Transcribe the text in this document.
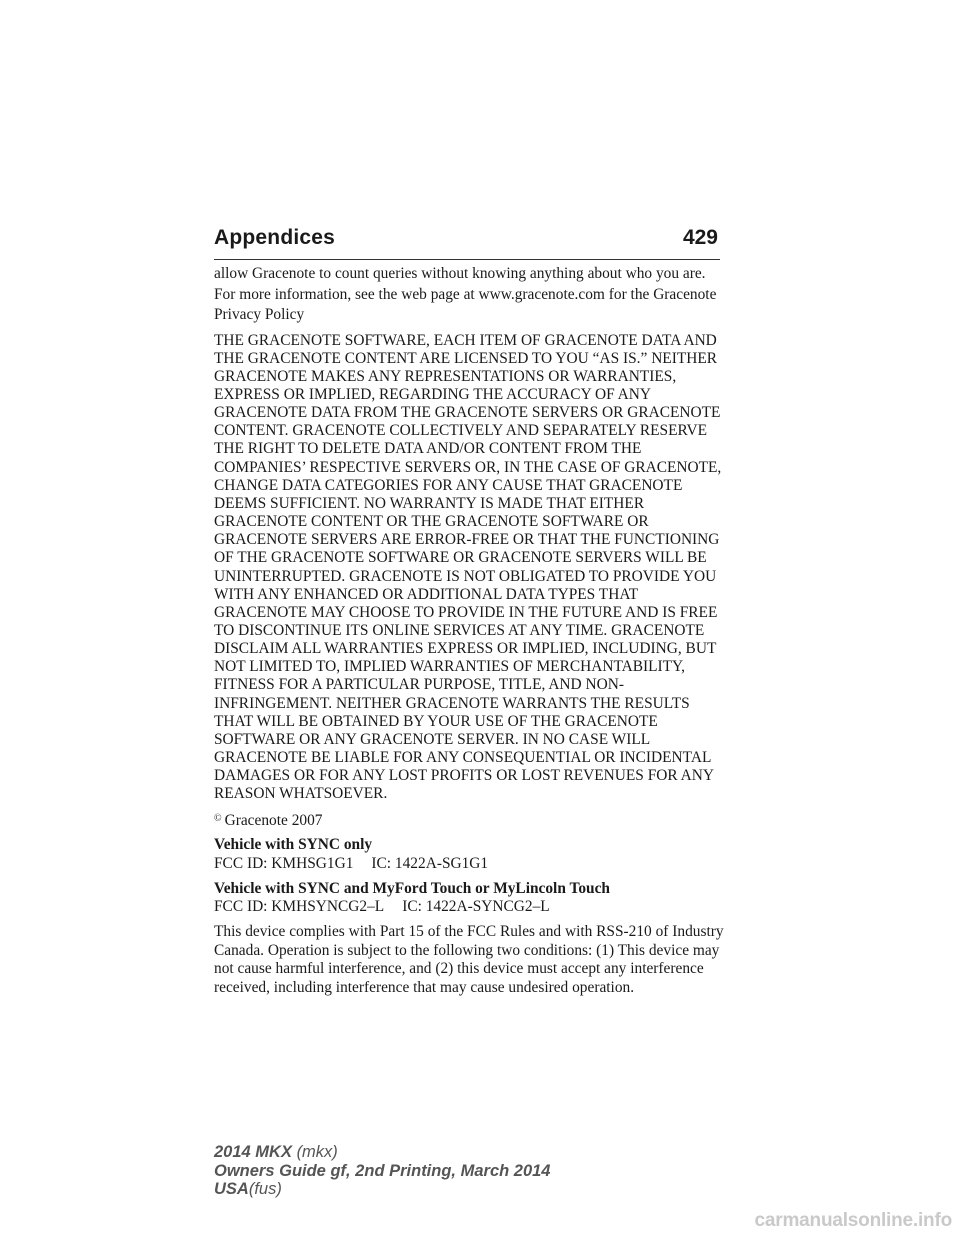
Appendices	429

allow Gracenote to count queries without knowing anything about who you are. For more information, see the web page at www.gracenote.com for the Gracenote Privacy Policy

THE GRACENOTE SOFTWARE, EACH ITEM OF GRACENOTE DATA AND THE GRACENOTE CONTENT ARE LICENSED TO YOU “AS IS.” NEITHER GRACENOTE MAKES ANY REPRESENTATIONS OR WARRANTIES, EXPRESS OR IMPLIED, REGARDING THE ACCURACY OF ANY GRACENOTE DATA FROM THE GRACENOTE SERVERS OR GRACENOTE CONTENT. GRACENOTE COLLECTIVELY AND SEPARATELY RESERVE THE RIGHT TO DELETE DATA AND/OR CONTENT FROM THE COMPANIES’ RESPECTIVE SERVERS OR, IN THE CASE OF GRACENOTE, CHANGE DATA CATEGORIES FOR ANY CAUSE THAT GRACENOTE DEEMS SUFFICIENT. NO WARRANTY IS MADE THAT EITHER GRACENOTE CONTENT OR THE GRACENOTE SOFTWARE OR GRACENOTE SERVERS ARE ERROR-FREE OR THAT THE FUNCTIONING OF THE GRACENOTE SOFTWARE OR GRACENOTE SERVERS WILL BE UNINTERRUPTED. GRACENOTE IS NOT OBLIGATED TO PROVIDE YOU WITH ANY ENHANCED OR ADDITIONAL DATA TYPES THAT GRACENOTE MAY CHOOSE TO PROVIDE IN THE FUTURE AND IS FREE TO DISCONTINUE ITS ONLINE SERVICES AT ANY TIME. GRACENOTE DISCLAIM ALL WARRANTIES EXPRESS OR IMPLIED, INCLUDING, BUT NOT LIMITED TO, IMPLIED WARRANTIES OF MERCHANTABILITY, FITNESS FOR A PARTICULAR PURPOSE, TITLE, AND NON-INFRINGEMENT. NEITHER GRACENOTE WARRANTS THE RESULTS THAT WILL BE OBTAINED BY YOUR USE OF THE GRACENOTE SOFTWARE OR ANY GRACENOTE SERVER. IN NO CASE WILL GRACENOTE BE LIABLE FOR ANY CONSEQUENTIAL OR INCIDENTAL DAMAGES OR FOR ANY LOST PROFITS OR LOST REVENUES FOR ANY REASON WHATSOEVER.

© Gracenote 2007

Vehicle with SYNC only
FCC ID: KMHSG1G1 IC: 1422A-SG1G1

Vehicle with SYNC and MyFord Touch or MyLincoln Touch
FCC ID: KMHSYNCG2–L IC: 1422A-SYNCG2–L

This device complies with Part 15 of the FCC Rules and with RSS-210 of Industry Canada. Operation is subject to the following two conditions: (1) This device may not cause harmful interference, and (2) this device must accept any interference received, including interference that may cause undesired operation.

2014 MKX (mkx)
Owners Guide gf, 2nd Printing, March 2014
USA(fus)
carmanualsonline.info
